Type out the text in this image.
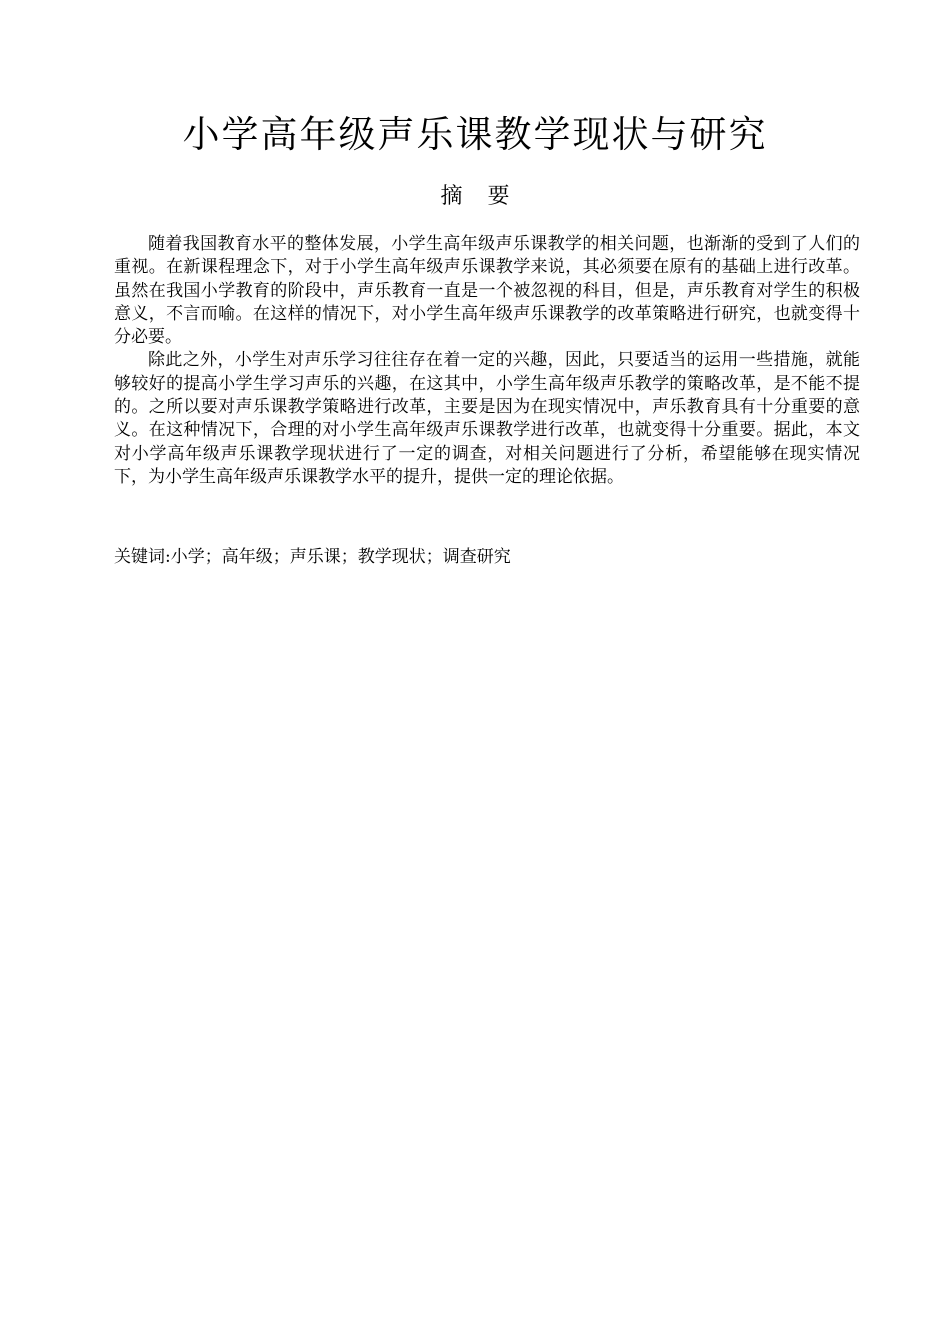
小学高年级声乐课教学现状与研究
摘 要

随着我国教育水平的整体发展，小学生高年级声乐课教学的相关问题，也渐渐的受到了人们的重视。在新课程理念下，对于小学生高年级声乐课教学来说，其必须要在原有的基础上进行改革。虽然在我国小学教育的阶段中，声乐教育一直是一个被忽视的科目，但是，声乐教育对学生的积极意义，不言而喻。在这样的情况下，对小学生高年级声乐课教学的改革策略进行研究，也就变得十分必要。

除此之外，小学生对声乐学习往往存在着一定的兴趣，因此，只要适当的运用一些措施，就能够较好的提高小学生学习声乐的兴趣，在这其中，小学生高年级声乐教学的策略改革，是不能不提的。之所以要对声乐课教学策略进行改革，主要是因为在现实情况中，声乐教育具有十分重要的意义。在这种情况下，合理的对小学生高年级声乐课教学进行改革，也就变得十分重要。据此，本文对小学高年级声乐课教学现状进行了一定的调查，对相关问题进行了分析，希望能够在现实情况下，为小学生高年级声乐课教学水平的提升，提供一定的理论依据。

关键词:小学；高年级；声乐课；教学现状；调查研究
